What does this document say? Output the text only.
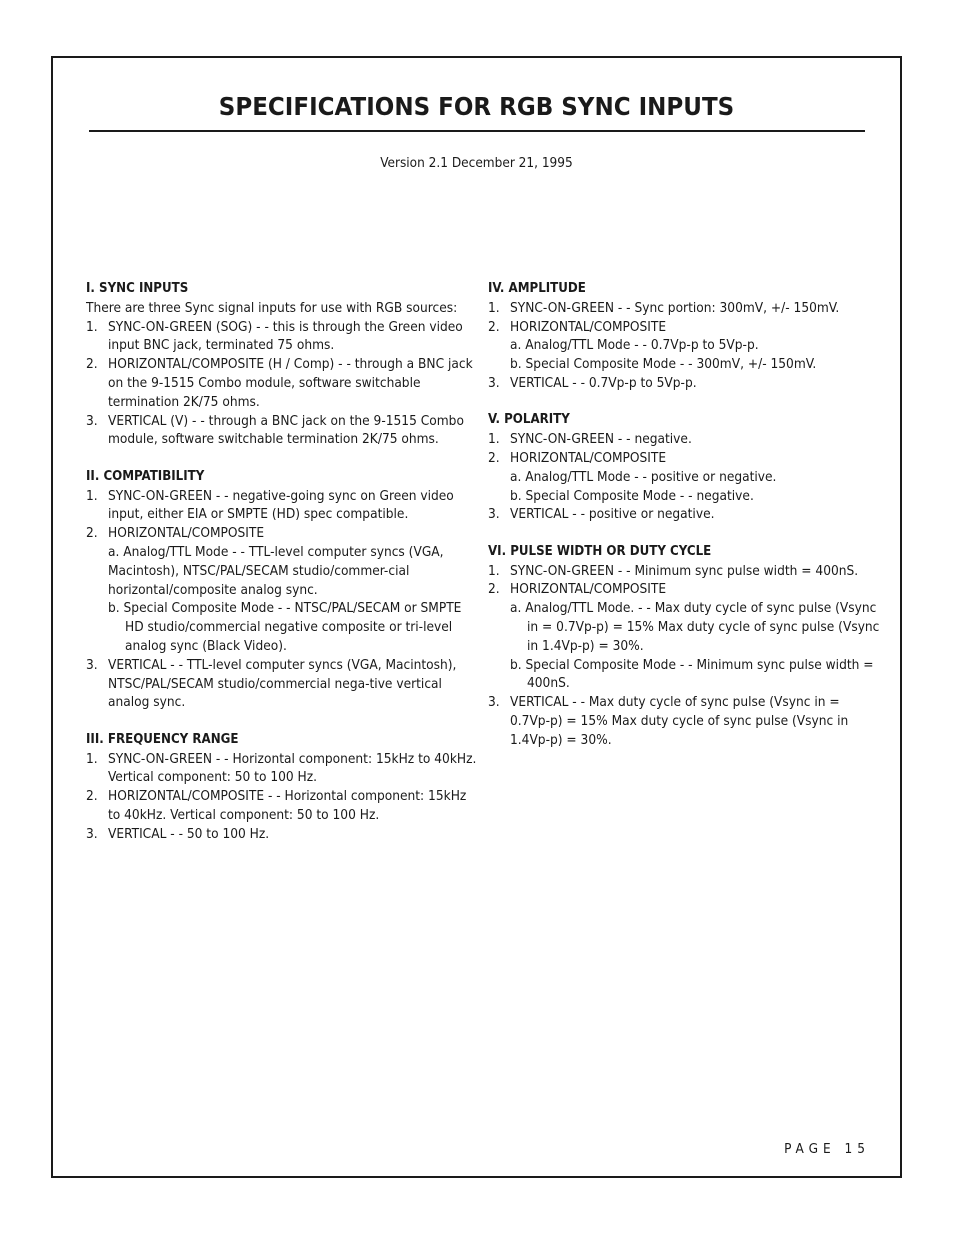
SPECIFICATIONS FOR RGB SYNC INPUTS
Version 2.1 December 21, 1995

I. SYNC INPUTS

There are three Sync signal inputs for use with RGB sources:

1. SYNC-ON-GREEN (SOG) - - this is through the Green video input BNC jack, terminated 75 ohms.
2. HORIZONTAL/COMPOSITE (H / Comp) - - through a BNC jack on the 9-1515 Combo module, software switchable termination 2K/75 ohms.
3. VERTICAL (V) - - through a BNC jack on the 9-1515 Combo module, software switchable termination 2K/75 ohms.

II. COMPATIBILITY

1. SYNC-ON-GREEN - - negative-going sync on Green video input, either EIA or SMPTE (HD) spec compatible.
2. HORIZONTAL/COMPOSITE
a. Analog/TTL Mode - - TTL-level computer syncs (VGA, Macintosh), NTSC/PAL/SECAM studio/commer-cial horizontal/composite analog sync.
b. Special Composite Mode - - NTSC/PAL/SECAM or SMPTE HD studio/commercial negative composite or tri-level analog sync (Black Video).
3. VERTICAL - - TTL-level computer syncs (VGA, Macintosh), NTSC/PAL/SECAM studio/commercial nega-tive vertical analog sync.

III. FREQUENCY RANGE

1. SYNC-ON-GREEN - - Horizontal component: 15kHz to 40kHz. Vertical component: 50 to 100 Hz.
2. HORIZONTAL/COMPOSITE - - Horizontal component: 15kHz to 40kHz. Vertical component: 50 to 100 Hz.
3. VERTICAL - - 50 to 100 Hz.

IV. AMPLITUDE

1. SYNC-ON-GREEN - - Sync portion: 300mV, +/- 150mV.
2. HORIZONTAL/COMPOSITE
a. Analog/TTL Mode - - 0.7Vp-p to 5Vp-p.
b. Special Composite Mode - - 300mV, +/- 150mV.
3. VERTICAL - - 0.7Vp-p to 5Vp-p.

V. POLARITY

1. SYNC-ON-GREEN - - negative.
2. HORIZONTAL/COMPOSITE
a. Analog/TTL Mode - - positive or negative.
b. Special Composite Mode - - negative.
3. VERTICAL - - positive or negative.

VI. PULSE WIDTH OR DUTY CYCLE

1. SYNC-ON-GREEN - - Minimum sync pulse width = 400nS.
2. HORIZONTAL/COMPOSITE
a. Analog/TTL Mode. - - Max duty cycle of sync pulse (Vsync in = 0.7Vp-p) = 15% Max duty cycle of sync pulse (Vsync in 1.4Vp-p) = 30%.
b. Special Composite Mode - - Minimum sync pulse width = 400nS.
3. VERTICAL - - Max duty cycle of sync pulse (Vsync in = 0.7Vp-p) = 15% Max duty cycle of sync pulse (Vsync in 1.4Vp-p) = 30%.
PAGE 15
